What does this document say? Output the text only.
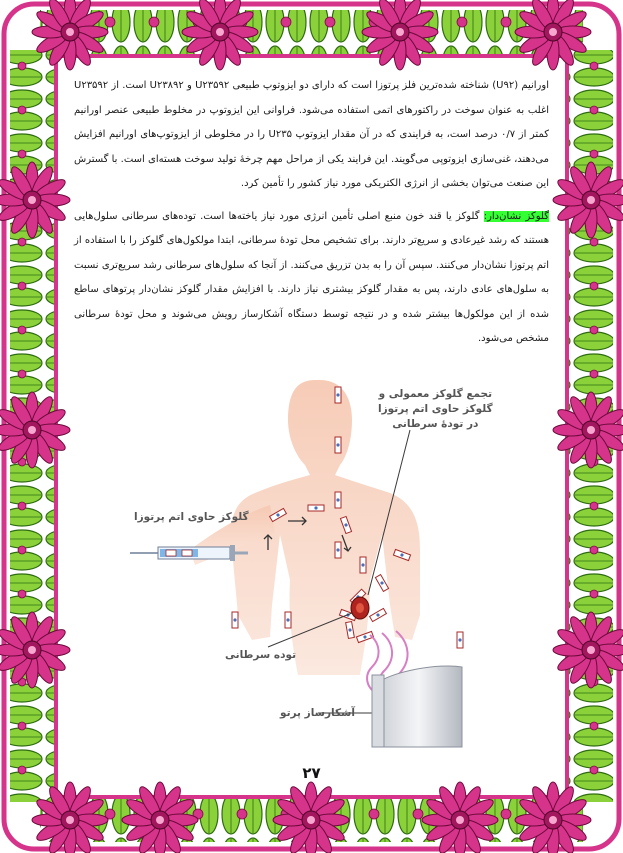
اورانیم (U۹۲) شناخته شده‌ترین فلز پرتوزا است که دارای دو ایزوتوپ طبیعی U۲۳۵۹۲ و U۲۳۸۹۲ است. از U۲۳۵۹۲ اغلب به عنوان سوخت در راکتورهای اتمی استفاده می‌شود. فراوانی این ایزوتوپ در مخلوط طبیعی عنصر اورانیم کمتر از ۰/۷ درصد است، به فرایندی که در آن مقدار ایزوتوپ U۲۳۵ را در مخلوطی از ایزوتوپ‌های اورانیم افزایش می‌دهند، غنی‌سازی ایزوتوپی می‌گویند. این فرایند یکی از مراحل مهم چرخهٔ تولید سوخت هسته‌ای است. با گسترش این صنعت می‌توان بخشی از انرژی الکتریکی مورد نیاز کشور را تأمین کرد.

گلوکز نشان‌دار: گلوکز یا قند خون منبع اصلی تأمین انرژی مورد نیاز یاخته‌ها است. توده‌های سرطانی سلول‌هایی هستند که رشد غیرعادی و سریع‌تر دارند. برای تشخیص محل تودهٔ سرطانی، ابتدا مولکول‌های گلوکز را با استفاده از اتم پرتوزا نشان‌دار می‌کنند. سپس آن را به بدن تزریق می‌کنند. از آنجا که سلول‌های سرطانی رشد سریع‌تری نسبت به سلول‌های عادی دارند، پس به مقدار گلوکز بیشتری نیاز دارند. با افزایش مقدار گلوکز نشان‌دار پرتوهای ساطع شده از این مولکول‌ها بیشتر شده و در نتیجه توسط دستگاه آشکارساز رویش می‌شوند و محل تودهٔ سرطانی مشخص می‌شود.

تجمع گلوکز معمولی و
گلوکز حاوی اتم پرتوزا
در تودهٔ سرطانی
گلوکز حاوی اتم پرتوزا
توده سرطانی
آشکارساز پرتو
۲۷
